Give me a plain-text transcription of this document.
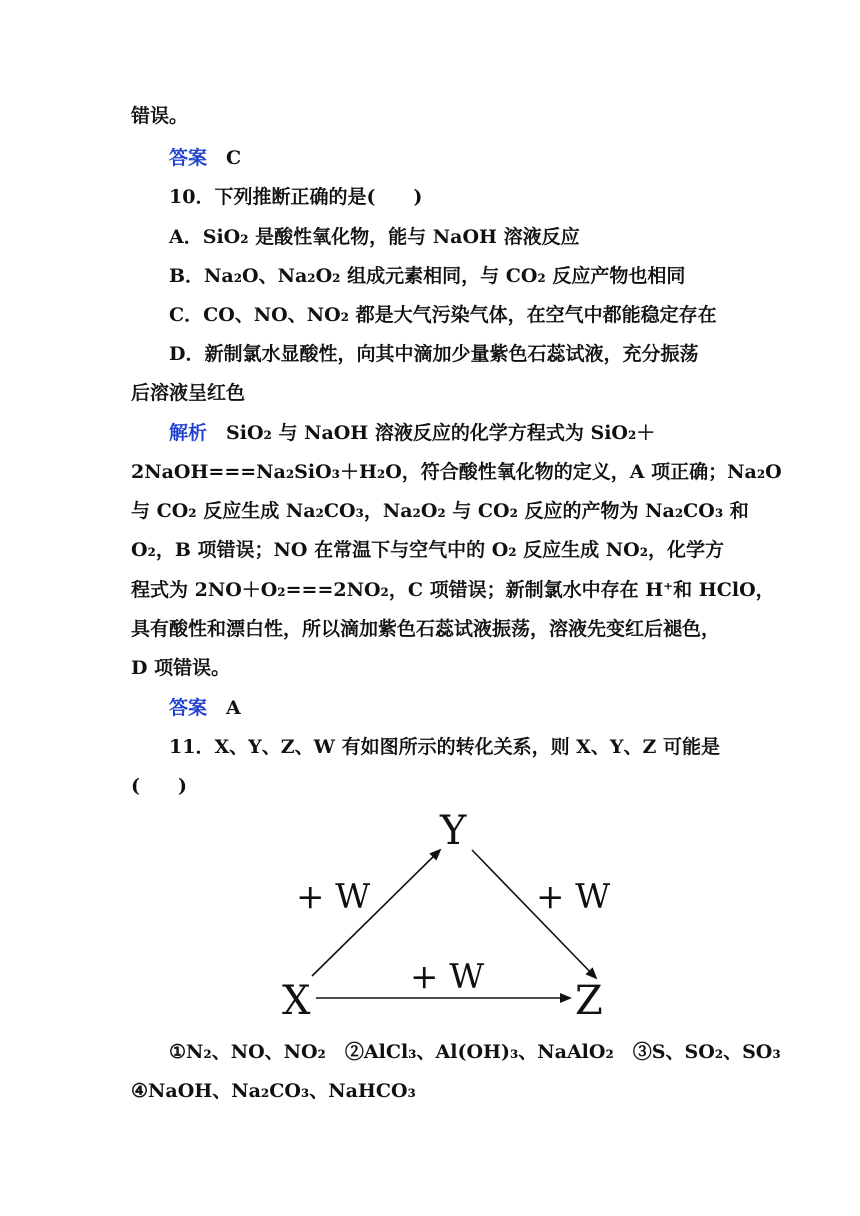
错误。
答案　 C
10．下列推断正确的是(　　)
A．SiO₂ 是酸性氧化物，能与 NaOH 溶液反应
B．Na₂O、Na₂O₂ 组成元素相同，与 CO₂ 反应产物也相同
C．CO、NO、NO₂ 都是大气污染气体，在空气中都能稳定存在
D．新制氯水显酸性，向其中滴加少量紫色石蕊试液，充分振荡
后溶液呈红色
解析　 SiO₂ 与 NaOH 溶液反应的化学方程式为 SiO₂＋
2NaOH===Na₂SiO₃＋H₂O，符合酸性氧化物的定义，A 项正确；Na₂O
与 CO₂ 反应生成 Na₂CO₃，Na₂O₂ 与 CO₂ 反应的产物为 Na₂CO₃ 和
O₂，B 项错误；NO 在常温下与空气中的 O₂ 反应生成 NO₂，化学方
程式为 2NO＋O₂===2NO₂，C 项错误；新制氯水中存在 H⁺和 HClO，
具有酸性和漂白性，所以滴加紫色石蕊试液振荡，溶液先变红后褪色，
D 项错误。
答案　 A
11．X、Y、Z、W 有如图所示的转化关系，则 X、Y、Z 可能是
(　　)
Y
X	Z
+ W	+ W
+ W
①N₂、NO、NO₂　②AlCl₃、Al(OH)₃、NaAlO₂　③S、SO₂、SO₃
④NaOH、Na₂CO₃、NaHCO₃
